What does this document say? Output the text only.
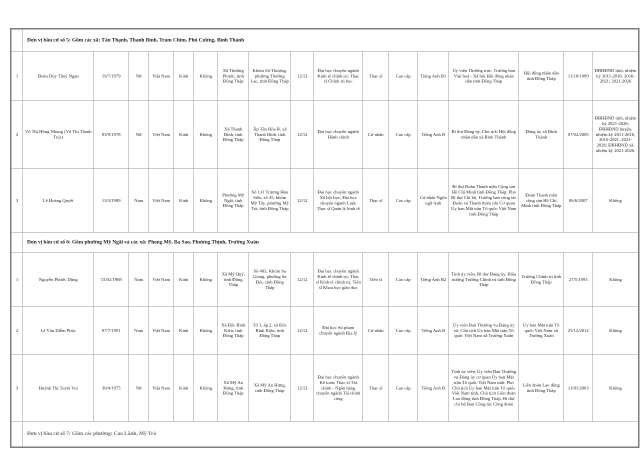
	Đơn vị bầu cử số 5: Gồm các xã: Tân Thạnh, Thanh Bình, Tràm Chim, Phú Cường, Bình Thành																
1	Đoàn Duy Thuỳ Ngạn	19/7/1979	Nữ	Việt Nam	Kinh	Không	Xã Thường Phước, tỉnh Đồng Tháp	Khóm Sở Thượng, phường Thường Lạc, tỉnh Đồng Tháp	12/12	Đại học chuyên ngành Kinh tế chính trị; Thạc sĩ Chính trị học	Thạc sĩ	Cao cấp	Tiếng Anh B1	Ủy viên Thường trực, Trưởng ban Văn hoá - Xã hội Hội đồng nhân dân tỉnh Đồng Tháp	Hội đồng nhân dân tỉnh Đồng Tháp	11/10/1999	ĐBHĐND tỉnh, nhiệm kỳ 2011-2016; 2016-2021; 2021-2026
2	Võ Thị Hồng Nhung (Võ Thị Thanh Trúc)	03/9/1978	Nữ	Việt Nam	Kinh	Không	Xã Thanh Bình, tỉnh Đồng Tháp	Ấp Tân Hòa B, xã Thanh Bình, tỉnh Đồng Tháp	12/12	Đại học chuyên ngành Hành chính	Cử nhân	Cao cấp	Tiếng Anh B	Bí thư Đảng ủy, Chủ tịch Hội đồng nhân dân xã Bình Thành	Đảng ủy xã Bình Thành	07/02/2005	ĐBHĐND tỉnh, nhiệm kỳ 2021-2026; ĐBHĐND huyện, nhiệm kỳ 2011-2016, 2016-2021, 2021-2026; ĐBHĐND xã, nhiệm kỳ 2021-2026.
3	Lê Hoàng Quyết	13/3/1989	Nam	Việt Nam	Kinh	Không	Phường Mỹ Ngãi, tỉnh Đồng Tháp	Số 131 Trương Hán Siêu, số 45, khóm Mỹ Tây, phường Mỹ Trà, tỉnh Đồng Tháp	12/12	Đại học chuyên ngành Xã hội học; Đại học chuyên ngành Luật; Thạc sĩ Quản lý kinh tế	Thạc sĩ	Cao cấp	Cử nhân Ngôn ngữ Anh	Bí thư Đoàn Thanh niên Cộng sản Hồ Chí Minh tỉnh Đồng Tháp; Phó Bí thư Chi bộ, Trưởng ban công tác Đoàn và Thanh thiếu nhi Cơ quan Ủy ban Mặt trận Tổ quốc Việt Nam tỉnh Đồng Tháp	Đoàn Thanh niên cộng sản Hồ Chí Minh tỉnh Đồng Tháp	06/6/2007	Không
	Đơn vị bầu cử số 6: Gồm phường Mỹ Ngãi và các xã: Phong Mỹ, Ba Sao, Phương Thịnh, Trường Xuân																
1	Nguyễn Phước Dũng	15/02/1968	Nam	Việt Nam	Kinh	Không	Xã Mỹ Quý, tỉnh Đồng Tháp	Số 403, Khóm Sa Giang, phường Sa Đéc, tỉnh Đồng Tháp	12/12	Đại học chuyên ngành Kinh tế chính trị; Thạc sĩ Kinh tế chính trị; Tiến sĩ Khoa học giáo dục	Tiến sĩ	Cao cấp	Tiếng Anh B2	Tỉnh ủy viên, Bí thư Đảng ủy, Hiệu trưởng Trường Chính trị tỉnh Đồng Tháp	Trường Chính trị tỉnh Đồng Tháp	27/5/1993	Không
2	Lê Văn Diễm Phúc	07/7/1991	Nam	Việt Nam	Kinh	Không	Xã Đốc Bình Kiều, tỉnh Đồng Tháp	Tổ 1, ấp 2, xã Đốc Bình Kiều, tỉnh Đồng Tháp	12/12	Đại học Sư phạm chuyên ngành Địa lý	Cử nhân	Cao cấp	Tiếng Anh B	Ủy viên Ban Thường vụ Đảng ủy xã, Chủ tịch Ủy ban Mặt trận Tổ quốc Việt Nam xã Trường Xuân	Ủy ban Mặt trận Tổ quốc Việt Nam xã Trường Xuân	25/12/2012	Không
3	Huỳnh Thị Tuyết Vui	30/4/1975	Nữ	Việt Nam	Kinh	Không	Xã Mỹ An Hưng, tỉnh Đồng Tháp	Xã Mỹ An Hưng, tỉnh Đồng Tháp	12/12	Đại học chuyên ngành Kế toán; Thạc sĩ Tài chính - Ngân hàng chuyên ngành Tài chính công	Thạc sĩ	Cao cấp	Tiếng Anh B	Tỉnh ủy viên, Ủy viên Ban Thường vụ Đảng ủy cơ quan Ủy ban Mặt trận Tổ quốc Việt Nam tỉnh, Phó Chủ tịch Ủy ban Mặt trận Tổ quốc Việt Nam tỉnh, Chủ tịch Liên đoàn Lao động tỉnh Đồng Tháp, Bí thư chi bộ Ban Công tác Công đoàn	Liên đoàn Lao động tỉnh Đồng Tháp	11/01/2003	Không
	Đơn vị bầu cử số 7: Gồm các phường: Cao Lãnh, Mỹ Trà																
